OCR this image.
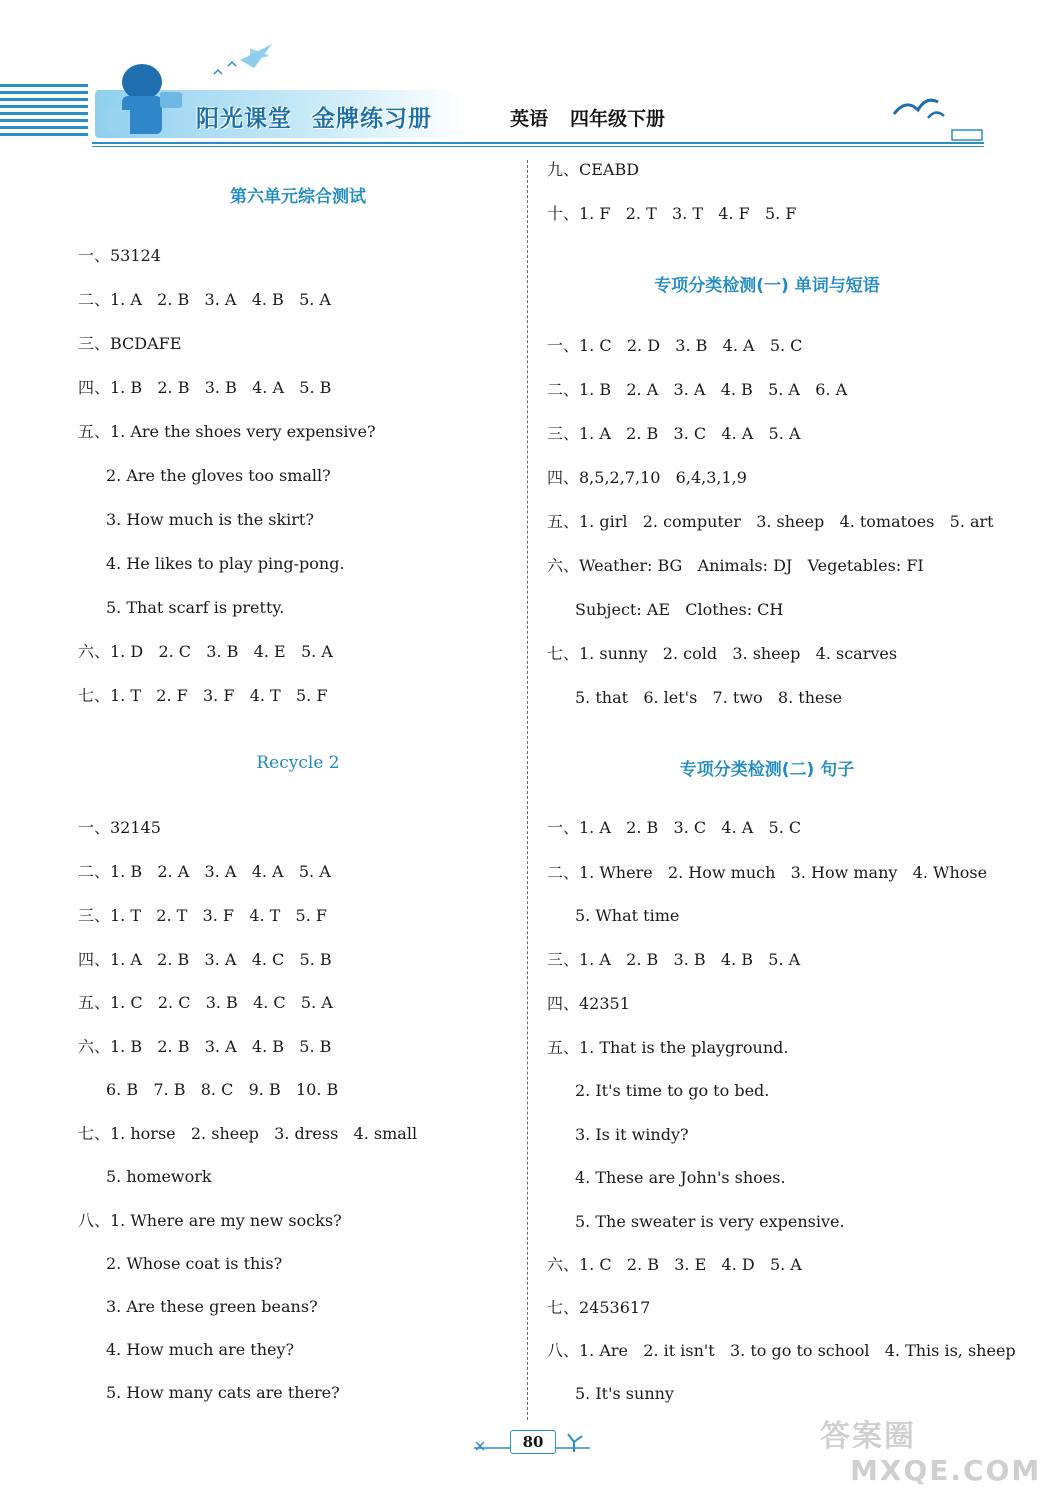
阳光课堂 金牌练习册	英语 四年级下册
第六单元综合测试
一、53124
二、1. A   2. B   3. A   4. B   5. A
三、BCDAFE
四、1. B   2. B   3. B   4. A   5. B
五、1. Are the shoes very expensive?
2. Are the gloves too small?
3. How much is the skirt?
4. He likes to play ping-pong.
5. That scarf is pretty.
六、1. D   2. C   3. B   4. E   5. A
七、1. T   2. F   3. F   4. T   5. F
Recycle 2
一、32145
二、1. B   2. A   3. A   4. A   5. A
三、1. T   2. T   3. F   4. T   5. F
四、1. A   2. B   3. A   4. C   5. B
五、1. C   2. C   3. B   4. C   5. A
六、1. B   2. B   3. A   4. B   5. B
6. B   7. B   8. C   9. B   10. B
七、1. horse   2. sheep   3. dress   4. small
5. homework
八、1. Where are my new socks?
2. Whose coat is this?
3. Are these green beans?
4. How much are they?
5. How many cats are there?
九、CEABD
十、1. F   2. T   3. T   4. F   5. F
专项分类检测(一) 单词与短语
一、1. C   2. D   3. B   4. A   5. C
二、1. B   2. A   3. A   4. B   5. A   6. A
三、1. A   2. B   3. C   4. A   5. A
四、8,5,2,7,10   6,4,3,1,9
五、1. girl   2. computer   3. sheep   4. tomatoes   5. art
六、Weather: BG   Animals: DJ   Vegetables: FI
Subject: AE   Clothes: CH
七、1. sunny   2. cold   3. sheep   4. scarves
5. that   6. let's   7. two   8. these
专项分类检测(二) 句子
一、1. A   2. B   3. C   4. A   5. C
二、1. Where   2. How much   3. How many   4. Whose
5. What time
三、1. A   2. B   3. B   4. B   5. A
四、42351
五、1. That is the playground.
2. It's time to go to bed.
3. Is it windy?
4. These are John's shoes.
5. The sweater is very expensive.
六、1. C   2. B   3. E   4. D   5. A
七、2453617
八、1. Are   2. it isn't   3. to go to school   4. This is, sheep
5. It's sunny
80	答案圈
MXQE.COM
